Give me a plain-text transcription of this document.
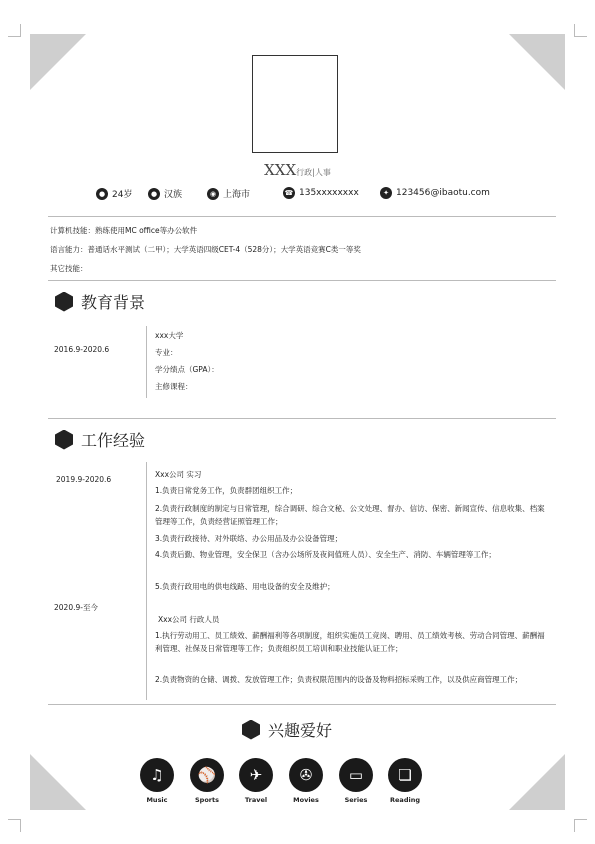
XXX行政|人事
● 24岁	● 汉族	◉ 上海市	☎ 135xxxxxxxx	✦ 123456@ibaotu.com
计算机技能：熟练使用MC office等办公软件
语言能力：普通话水平测试（二甲）；大学英语四级CET-4（528分）；大学英语竞赛C类一等奖
其它技能：
教育背景
2016.9-2020.6
xxx大学
专业：
学分绩点（GPA）：
主修课程：
工作经验
2019.9-2020.6
Xxx公司 实习
1.负责日常党务工作，负责群团组织工作；
2.负责行政制度的制定与日常管理，综合调研、综合文秘、公文处理、督办、信访、保密、新闻宣传、信息收集、档案管理等工作，负责经营证照管理工作；
3.负责行政接待、对外联络、办公用品及办公设备管理；
4.负责后勤、物业管理，安全保卫（含办公场所及夜间值班人员）、安全生产、消防、车辆管理等工作；
5.负责行政用电的供电线路、用电设备的安全及维护；
2020.9-至今
Xxx公司 行政人员
1.执行劳动用工、员工绩效、薪酬福利等各项制度，组织实施员工竞岗、聘用、员工绩效考核、劳动合同管理、薪酬福利管理、社保及日常管理等工作；负责组织员工培训和职业技能认证工作；
2.负责物资的仓储、调拨、发放管理工作；负责权限范围内的设备及物料招标采购工作，以及供应商管理工作；
兴趣爱好
♫
Music
⚾
Sports
✈
Travel
✇
Movies
▭
Series
❏
Reading
